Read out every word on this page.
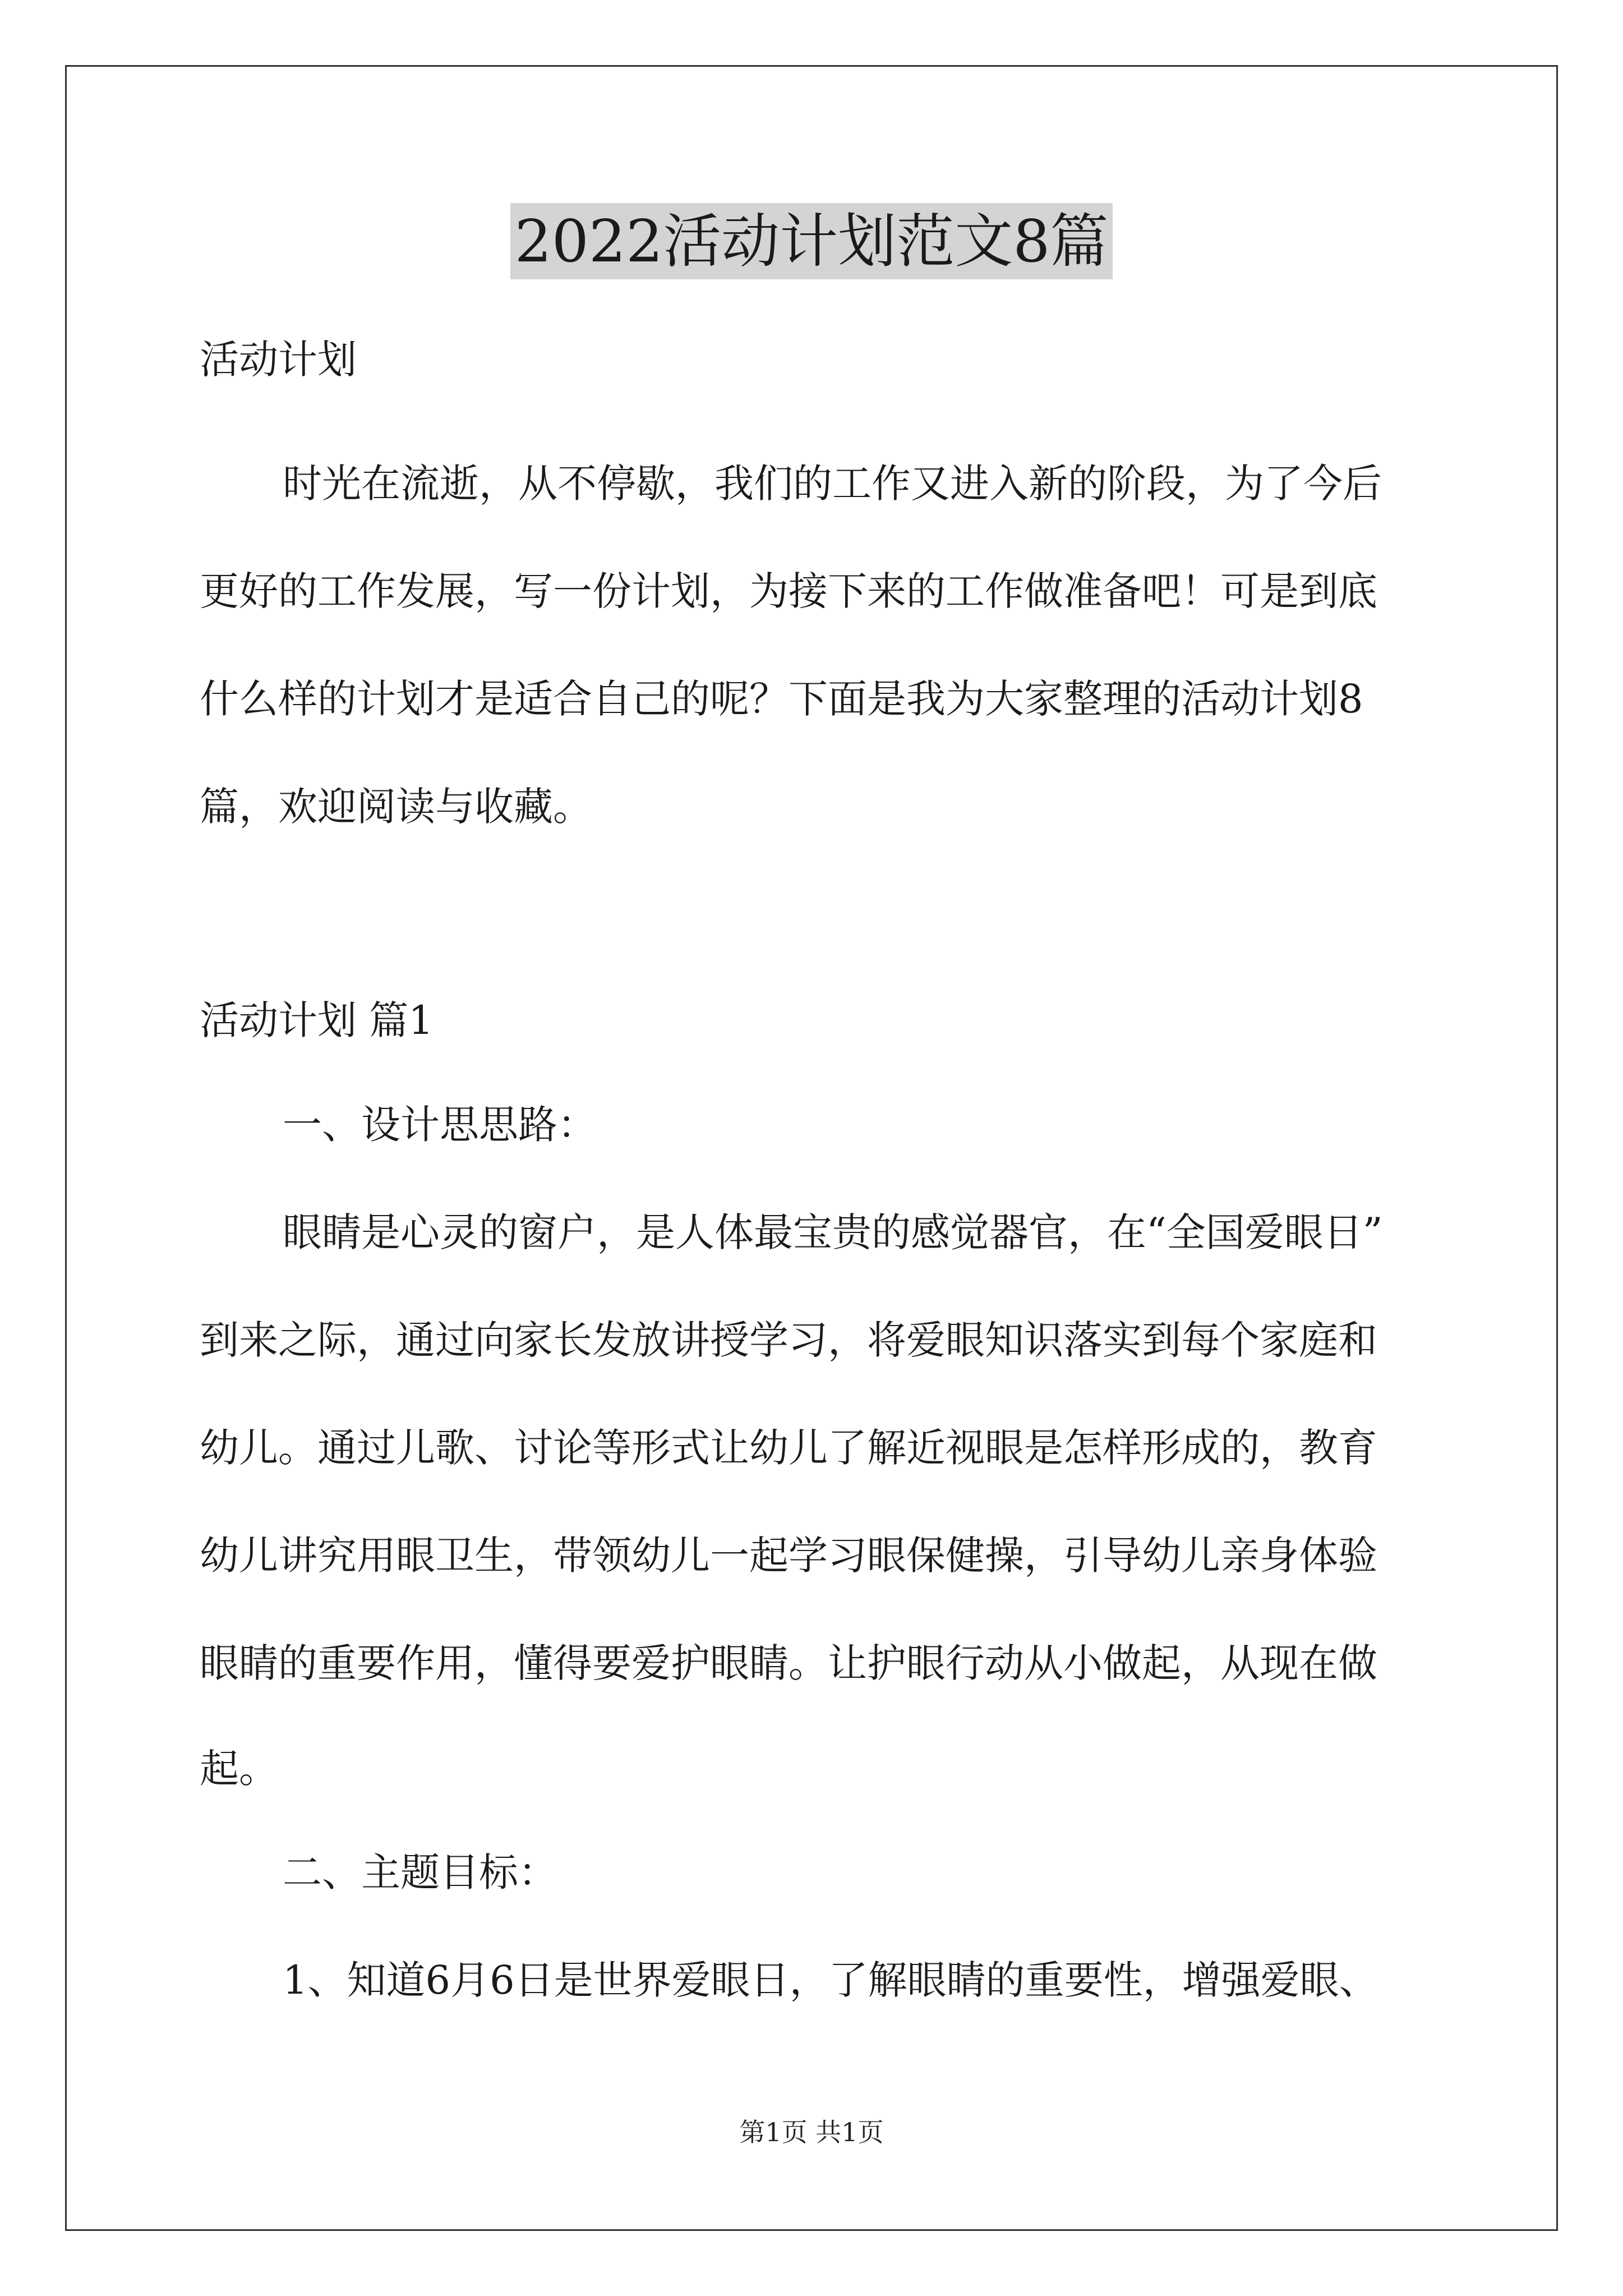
2022活动计划范文8篇
活动计划
时光在流逝，从不停歇，我们的工作又进入新的阶段，为了今后
更好的工作发展，写一份计划，为接下来的工作做准备吧！可是到底
什么样的计划才是适合自己的呢？下面是我为大家整理的活动计划8
篇，欢迎阅读与收藏。
活动计划 篇1
一、设计思思路：
眼睛是心灵的窗户，是人体最宝贵的感觉器官，在“全国爱眼日”
到来之际，通过向家长发放讲授学习，将爱眼知识落实到每个家庭和
幼儿。通过儿歌、讨论等形式让幼儿了解近视眼是怎样形成的，教育
幼儿讲究用眼卫生，带领幼儿一起学习眼保健操，引导幼儿亲身体验
眼睛的重要作用，懂得要爱护眼睛。让护眼行动从小做起，从现在做
起。
二、主题目标：
1、知道6月6日是世界爱眼日，了解眼睛的重要性，增强爱眼、
第1页 共1页
